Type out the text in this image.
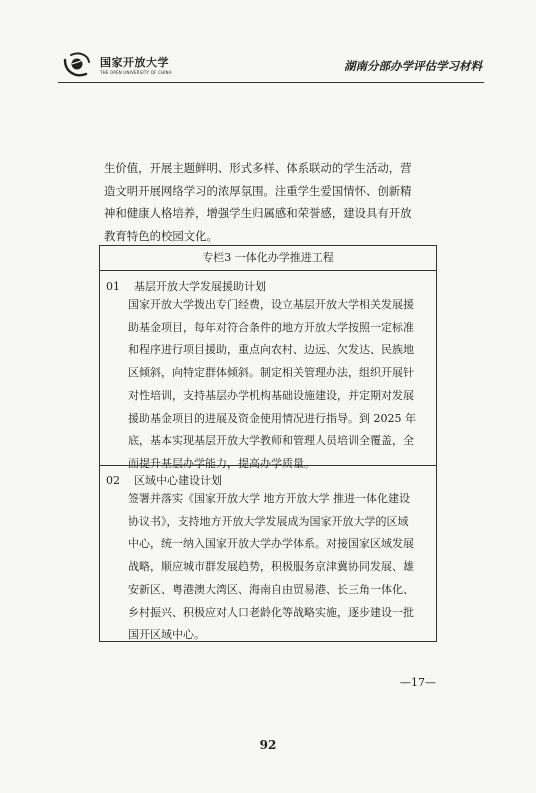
国家开放大学
THE OPEN UNIVERSITY OF CHINA	湖南分部办学评估学习材料
生价值，开展主题鲜明、形式多样、体系联动的学生活动，营
造文明开展网络学习的浓厚氛围。注重学生爱国情怀、创新精
神和健康人格培养，增强学生归属感和荣誉感，建设具有开放
教育特色的校园文化。
专栏3 一体化办学推进工程
01 基层开放大学发展援助计划
国家开放大学拨出专门经费，设立基层开放大学相关发展援
助基金项目，每年对符合条件的地方开放大学按照一定标准
和程序进行项目援助，重点向农村、边远、欠发达、民族地
区倾斜，向特定群体倾斜。制定相关管理办法，组织开展针
对性培训，支持基层办学机构基础设施建设，并定期对发展
援助基金项目的进展及资金使用情况进行指导。到 2025 年
底，基本实现基层开放大学教师和管理人员培训全覆盖，全
面提升基层办学能力，提高办学质量。
02 区域中心建设计划
签署并落实《国家开放大学 地方开放大学 推进一体化建设
协议书》，支持地方开放大学发展成为国家开放大学的区域
中心，统一纳入国家开放大学办学体系。对接国家区域发展
战略，顺应城市群发展趋势，积极服务京津冀协同发展、雄
安新区、粤港澳大湾区、海南自由贸易港、长三角一体化、
乡村振兴、积极应对人口老龄化等战略实施，逐步建设一批
国开区域中心。
—17—
92
